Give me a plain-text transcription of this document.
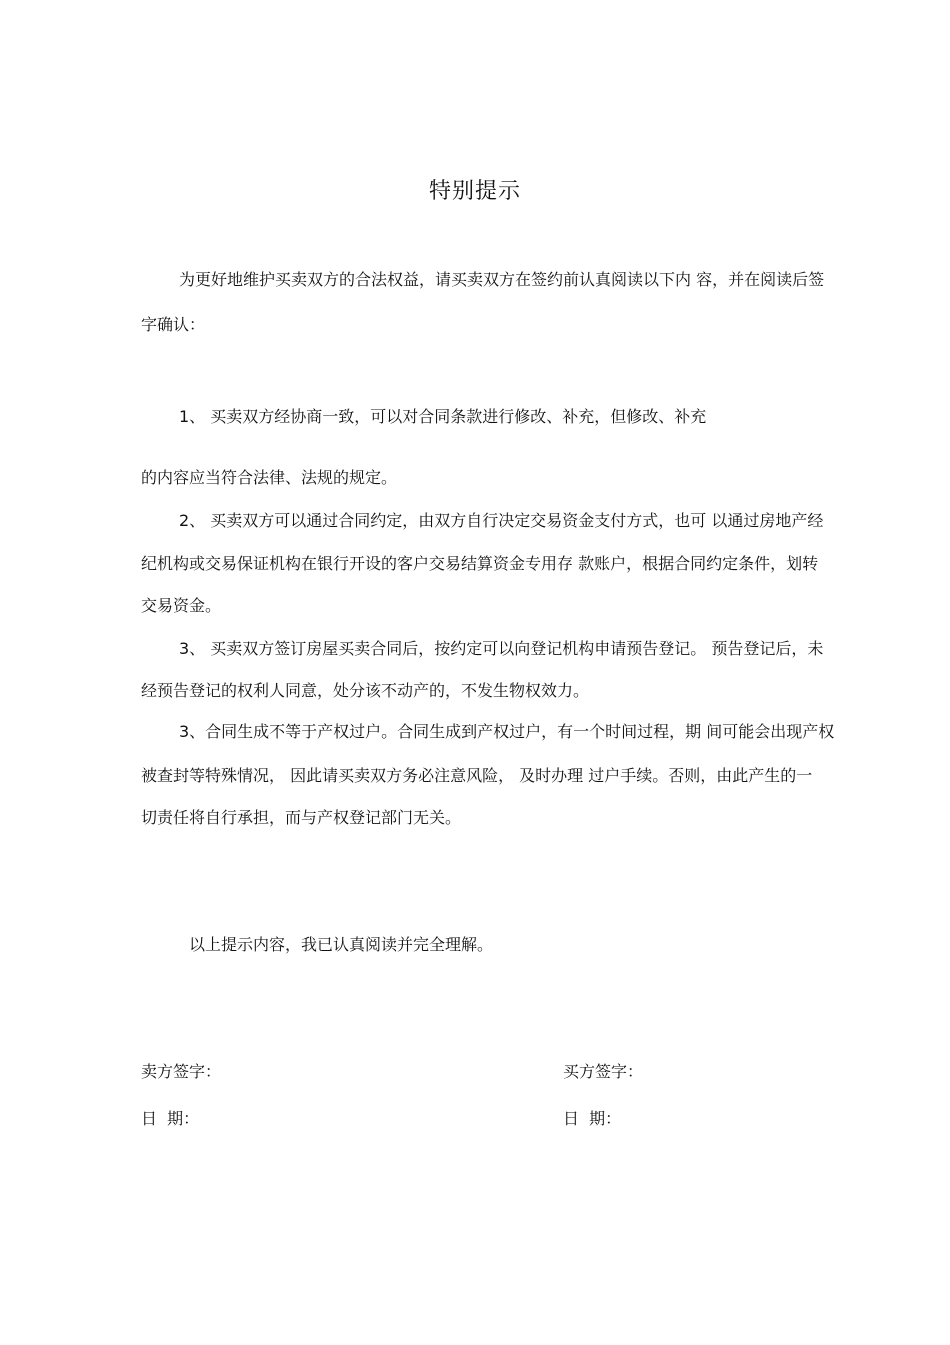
特别提示
为更好地维护买卖双方的合法权益，请买卖双方在签约前认真阅读以下内 容，并在阅读后签
字确认：
1、 买卖双方经协商一致，可以对合同条款进行修改、补充，但修改、补充
的内容应当符合法律、法规的规定。
2、 买卖双方可以通过合同约定，由双方自行决定交易资金支付方式，也可 以通过房地产经
纪机构或交易保证机构在银行开设的客户交易结算资金专用存 款账户，根据合同约定条件，划转
交易资金。
3、 买卖双方签订房屋买卖合同后，按约定可以向登记机构申请预告登记。 预告登记后，未
经预告登记的权利人同意，处分该不动产的，不发生物权效力。
3、合同生成不等于产权过户。合同生成到产权过户，有一个时间过程，期 间可能会出现产权
被查封等特殊情况， 因此请买卖双方务必注意风险， 及时办理 过户手续。否则，由此产生的一
切责任将自行承担，而与产权登记部门无关。
以上提示内容，我已认真阅读并完全理解。
卖方签字：	买方签字：
日  期：	日  期：
